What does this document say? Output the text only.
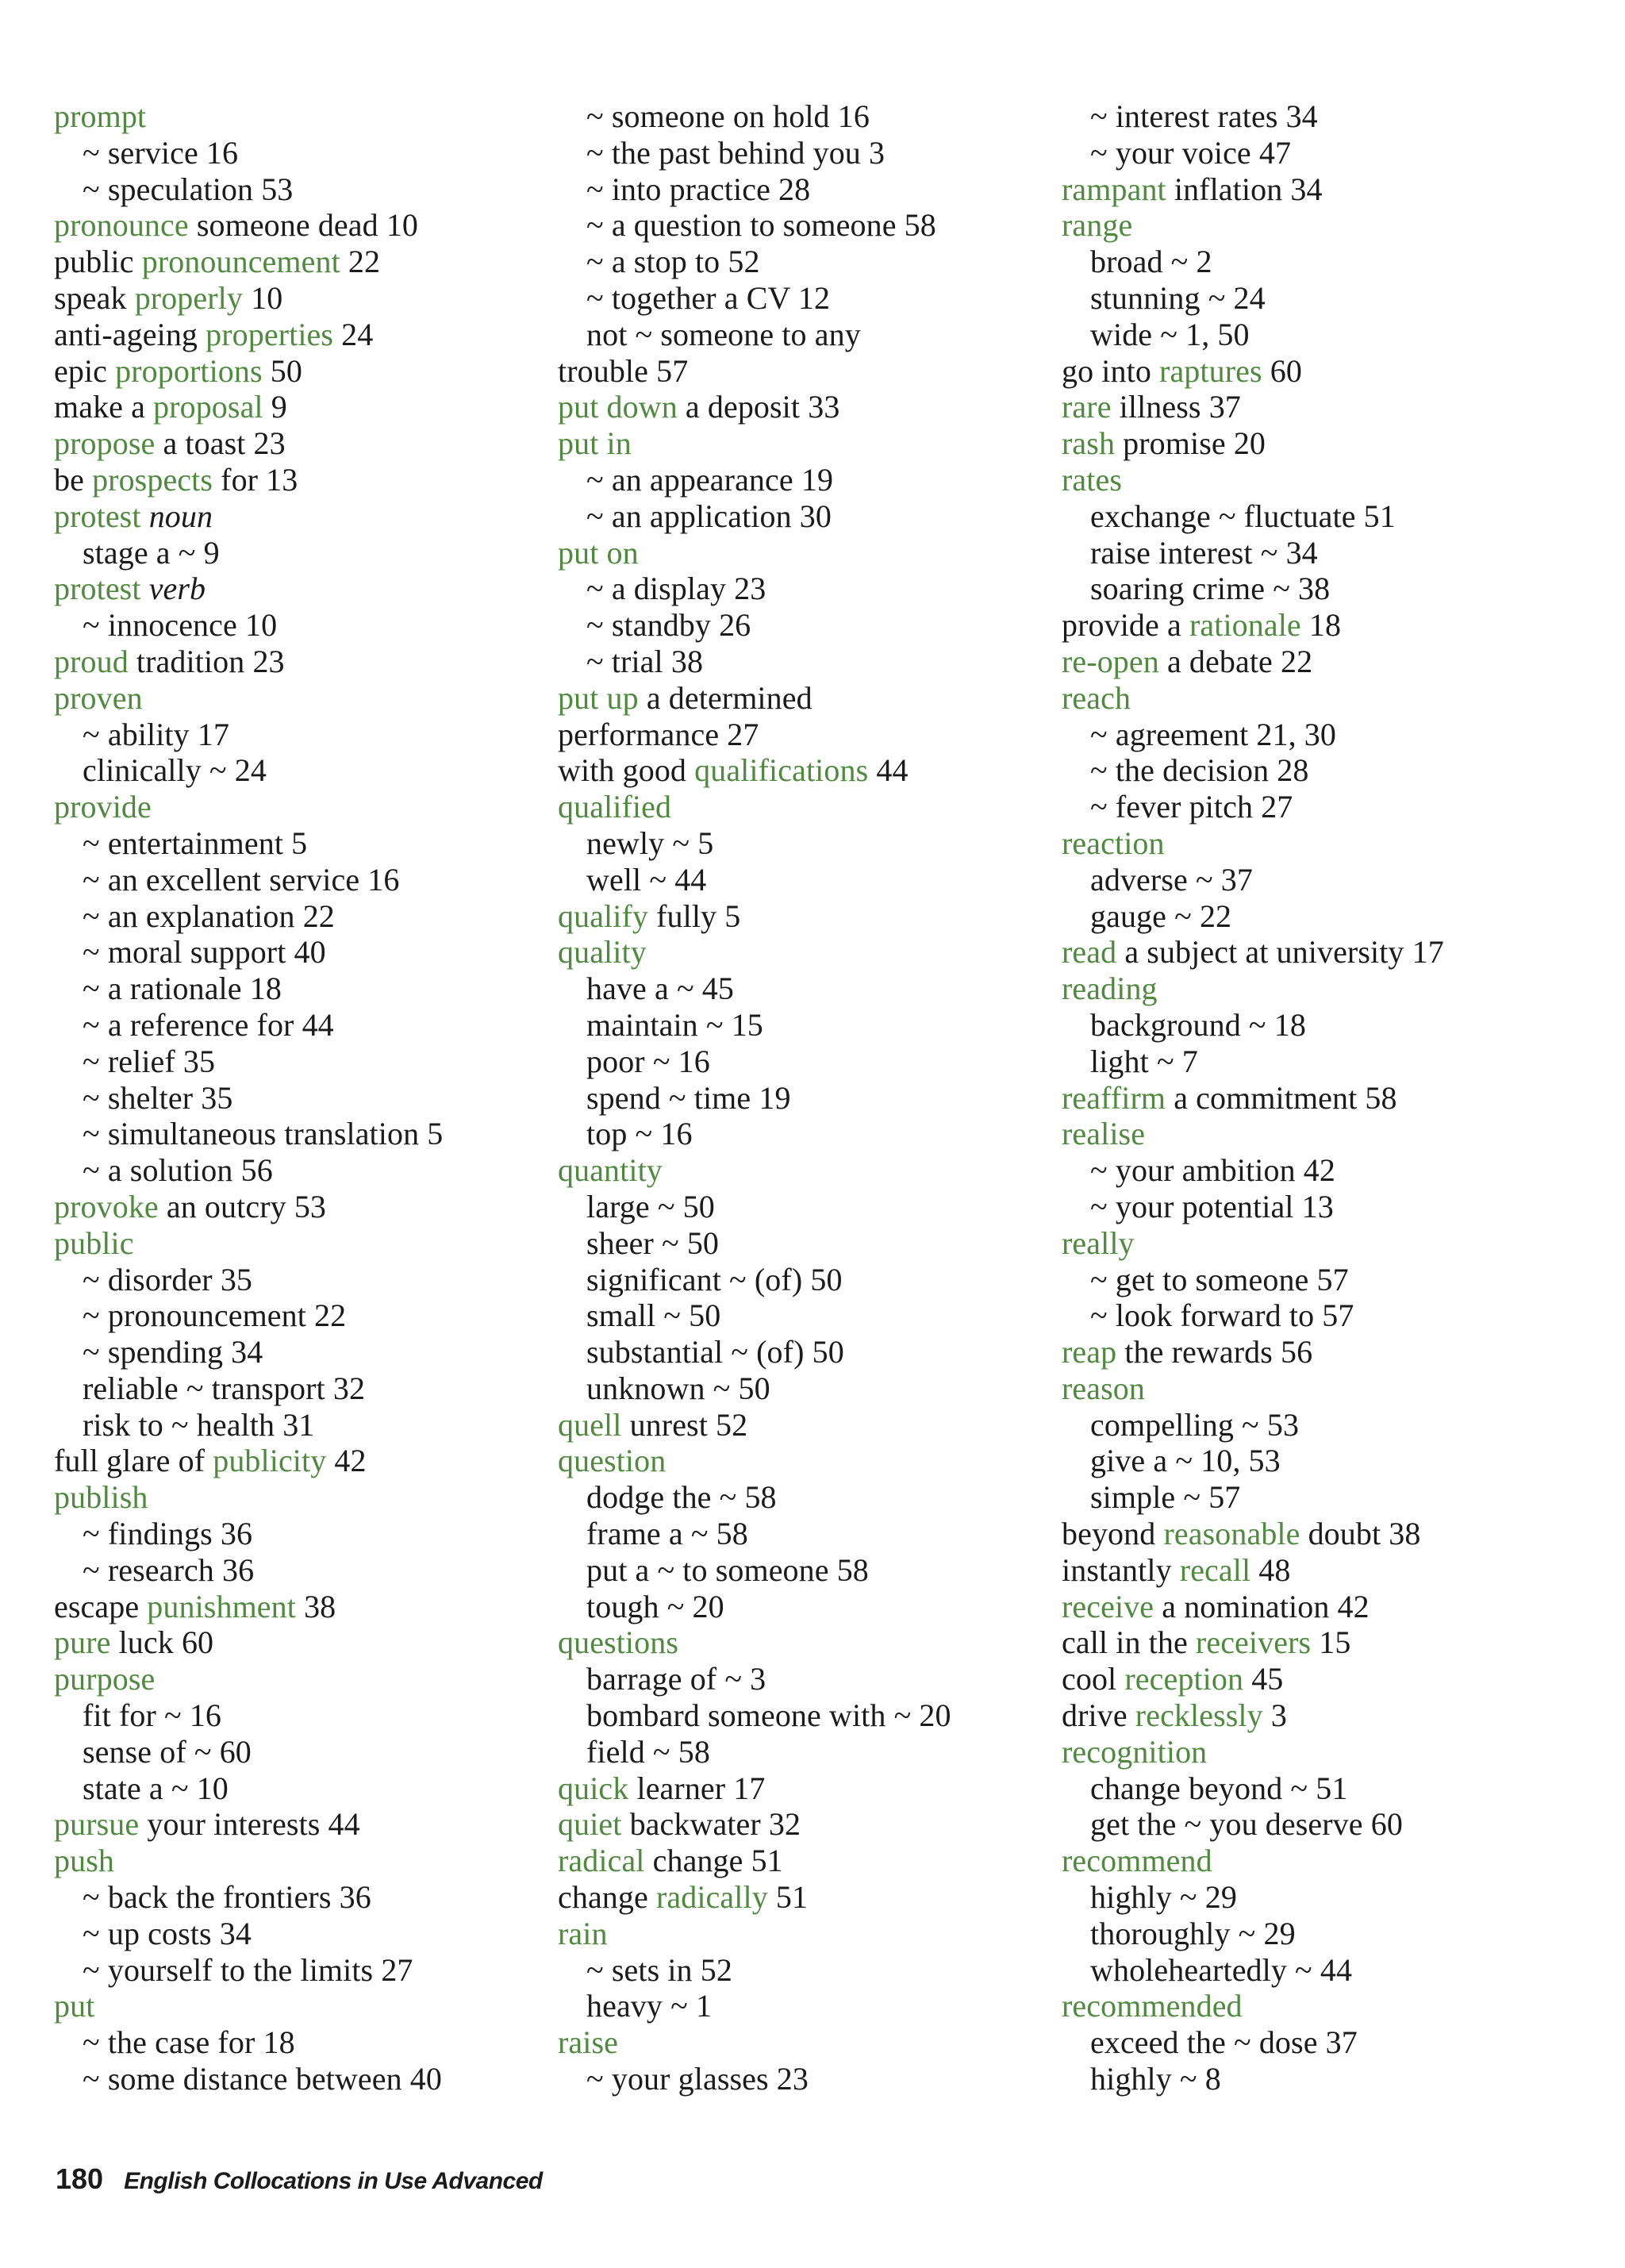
prompt
~ service 16
~ speculation 53
pronounce someone dead 10
public pronouncement 22
speak properly 10
anti-ageing properties 24
epic proportions 50
make a proposal 9
propose a toast 23
be prospects for 13
protest noun
stage a ~ 9
protest verb
~ innocence 10
proud tradition 23
proven
~ ability 17
clinically ~ 24
provide
~ entertainment 5
~ an excellent service 16
~ an explanation 22
~ moral support 40
~ a rationale 18
~ a reference for 44
~ relief 35
~ shelter 35
~ simultaneous translation 5
~ a solution 56
provoke an outcry 53
public
~ disorder 35
~ pronouncement 22
~ spending 34
reliable ~ transport 32
risk to ~ health 31
full glare of publicity 42
publish
~ findings 36
~ research 36
escape punishment 38
pure luck 60
purpose
fit for ~ 16
sense of ~ 60
state a ~ 10
pursue your interests 44
push
~ back the frontiers 36
~ up costs 34
~ yourself to the limits 27
put
~ the case for 18
~ some distance between 40
~ someone on hold 16
~ the past behind you 3
~ into practice 28
~ a question to someone 58
~ a stop to 52
~ together a CV 12
not ~ someone to any
trouble 57
put down a deposit 33
put in
~ an appearance 19
~ an application 30
put on
~ a display 23
~ standby 26
~ trial 38
put up a determined
performance 27
with good qualifications 44
qualified
newly ~ 5
well ~ 44
qualify fully 5
quality
have a ~ 45
maintain ~ 15
poor ~ 16
spend ~ time 19
top ~ 16
quantity
large ~ 50
sheer ~ 50
significant ~ (of) 50
small ~ 50
substantial ~ (of) 50
unknown ~ 50
quell unrest 52
question
dodge the ~ 58
frame a ~ 58
put a ~ to someone 58
tough ~ 20
questions
barrage of ~ 3
bombard someone with ~ 20
field ~ 58
quick learner 17
quiet backwater 32
radical change 51
change radically 51
rain
~ sets in 52
heavy ~ 1
raise
~ your glasses 23
~ interest rates 34
~ your voice 47
rampant inflation 34
range
broad ~ 2
stunning ~ 24
wide ~ 1, 50
go into raptures 60
rare illness 37
rash promise 20
rates
exchange ~ fluctuate 51
raise interest ~ 34
soaring crime ~ 38
provide a rationale 18
re-open a debate 22
reach
~ agreement 21, 30
~ the decision 28
~ fever pitch 27
reaction
adverse ~ 37
gauge ~ 22
read a subject at university 17
reading
background ~ 18
light ~ 7
reaffirm a commitment 58
realise
~ your ambition 42
~ your potential 13
really
~ get to someone 57
~ look forward to 57
reap the rewards 56
reason
compelling ~ 53
give a ~ 10, 53
simple ~ 57
beyond reasonable doubt 38
instantly recall 48
receive a nomination 42
call in the receivers 15
cool reception 45
drive recklessly 3
recognition
change beyond ~ 51
get the ~ you deserve 60
recommend
highly ~ 29
thoroughly ~ 29
wholeheartedly ~ 44
recommended
exceed the ~ dose 37
highly ~ 8
180 English Collocations in Use Advanced
